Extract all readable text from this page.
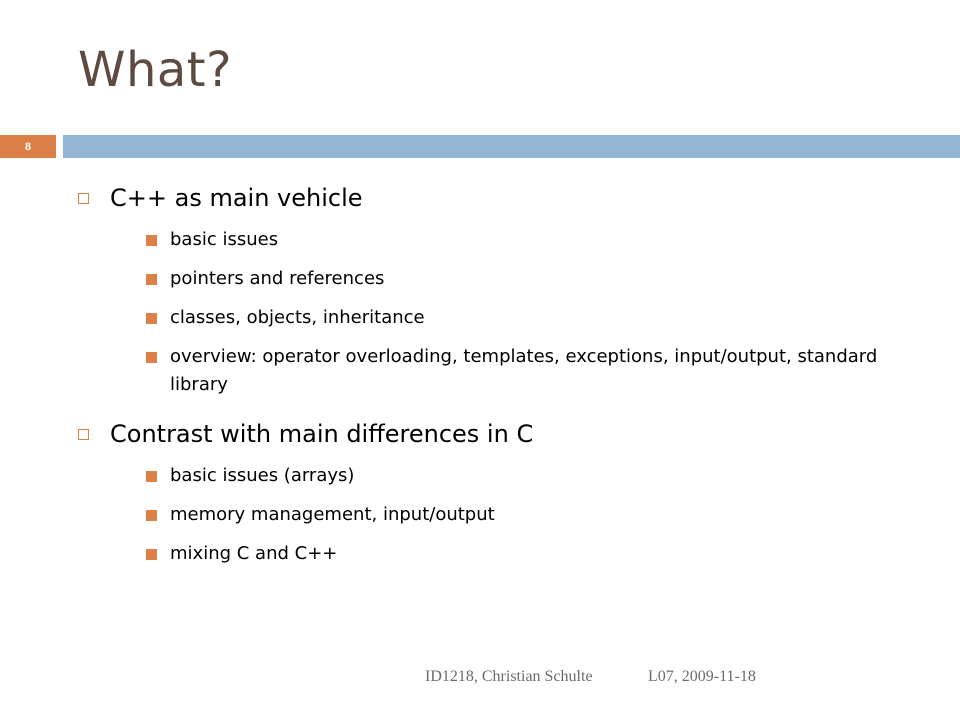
What?
8
C++ as main vehicle
basic issues
pointers and references
classes, objects, inheritance
overview: operator overloading, templates, exceptions, input/output, standard library
Contrast with main differences in C
basic issues (arrays)
memory management, input/output
mixing C and C++
ID1218, Christian Schulte	L07, 2009-11-18
